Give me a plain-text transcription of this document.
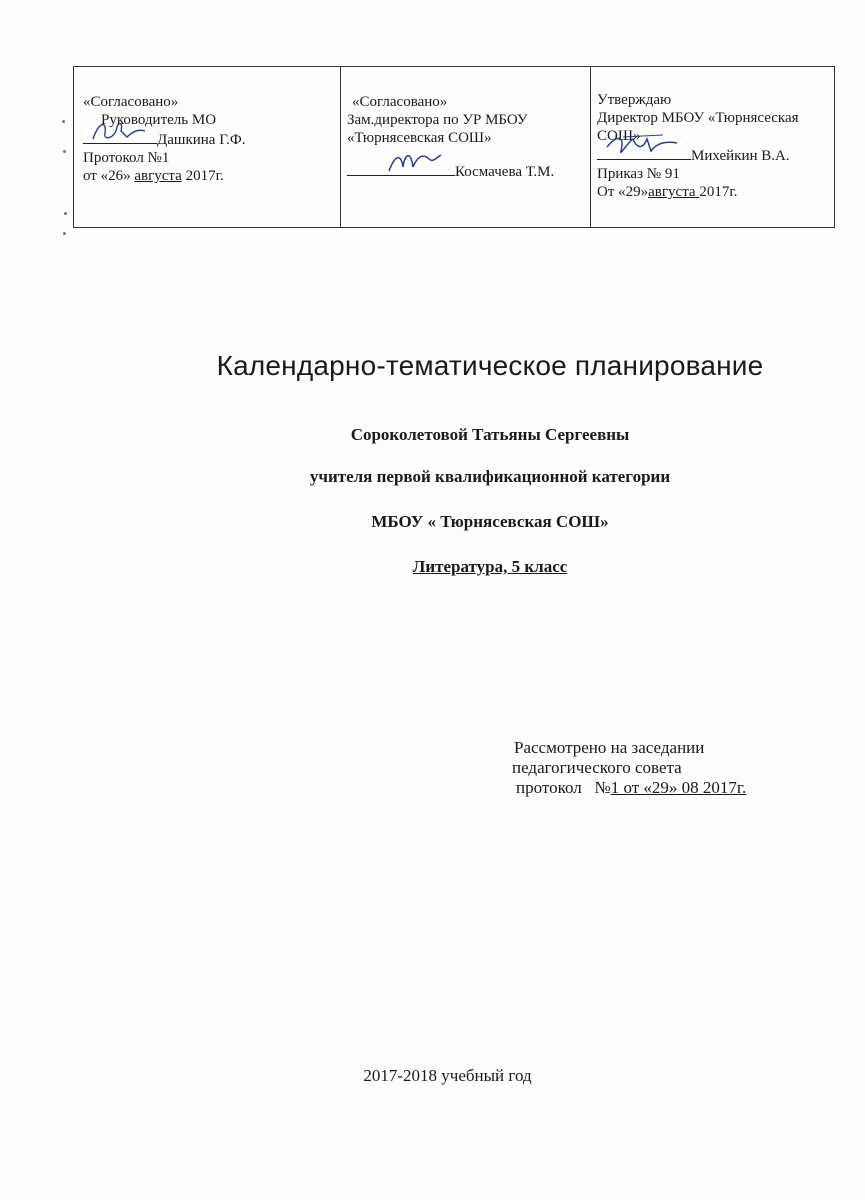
«Согласовано»
Руководитель МО
Дашкина Г.Ф.
Протокол №1
от «26» августа 2017г.
«Согласовано»
Зам.директора по УР МБОУ
«Тюрнясевская СОШ»
Космачева Т.М.
Утверждаю
Директор МБОУ «Тюрнясеская
СОШ»
Михейкин В.А.
Приказ № 91
От «29»августа 2017г.
Календарно-тематическое планирование
Сороколетовой Татьяны Сергеевны
учителя первой квалификационной категории
МБОУ « Тюрнясевская СОШ»
Литература, 5 класс
Рассмотрено на заседании
педагогического совета
протокол   №1 от «29» 08 2017г.
2017-2018 учебный год
